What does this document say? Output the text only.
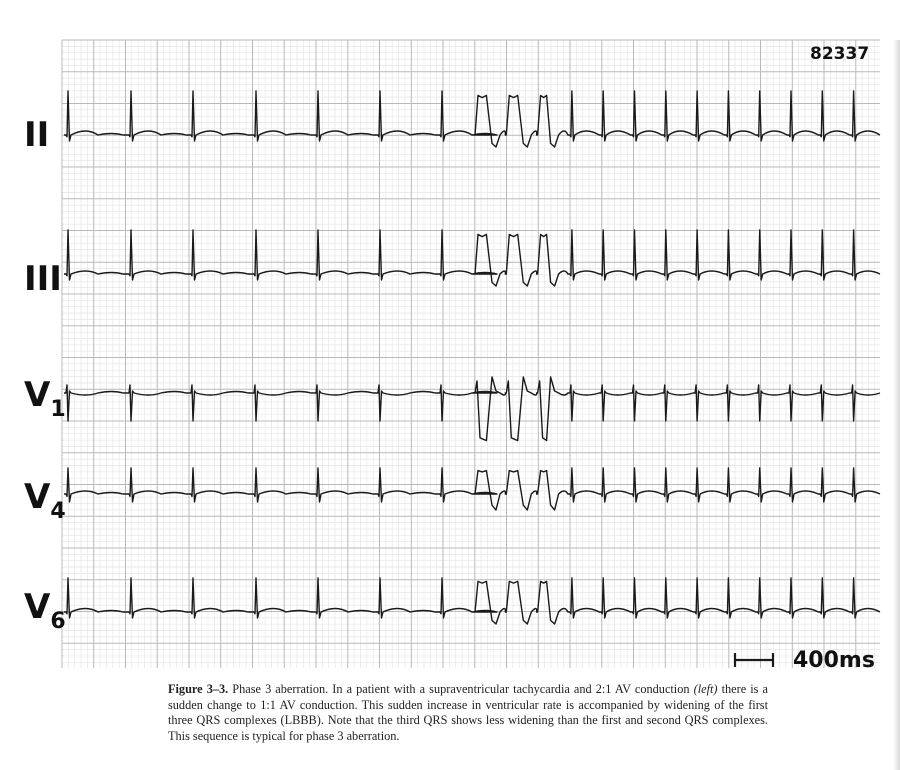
II
III
V1
V4
V6
82337
400ms
Figure 3–3. Phase 3 aberration. In a patient with a supraventricular tachycardia and 2:1 AV conduction (left) there is a sudden change to 1:1 AV conduction. This sudden increase in ventricular rate is accompanied by widening of the first three QRS complexes (LBBB). Note that the third QRS shows less widening than the first and second QRS complexes. This sequence is typical for phase 3 aberration.
